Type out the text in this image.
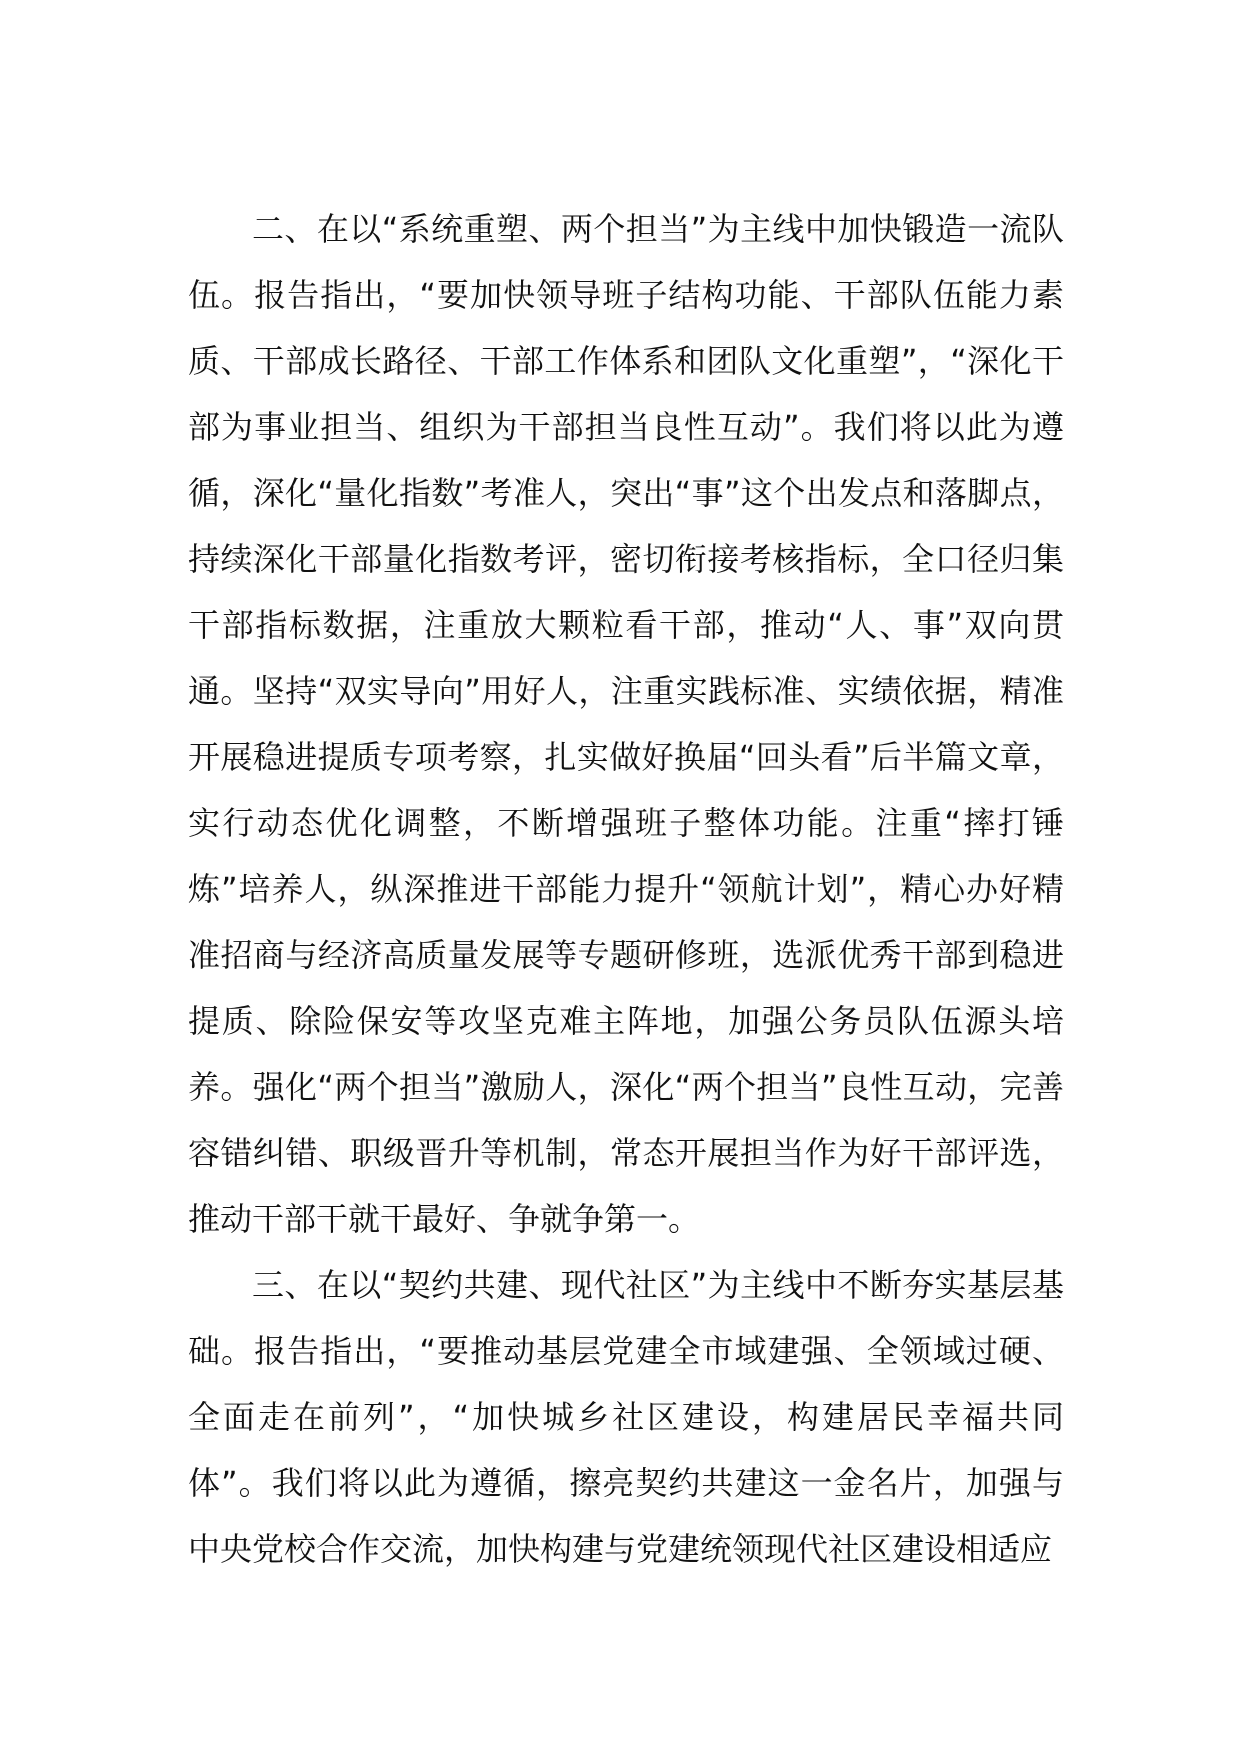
二、在以“系统重塑、两个担当”为主线中加快锻造一流队伍。报告指出，“要加快领导班子结构功能、干部队伍能力素质、干部成长路径、干部工作体系和团队文化重塑”，“深化干部为事业担当、组织为干部担当良性互动”。我们将以此为遵循，深化“量化指数”考准人，突出“事”这个出发点和落脚点，持续深化干部量化指数考评，密切衔接考核指标，全口径归集干部指标数据，注重放大颗粒看干部，推动“人、事”双向贯通。坚持“双实导向”用好人，注重实践标准、实绩依据，精准开展稳进提质专项考察，扎实做好换届“回头看”后半篇文章，实行动态优化调整，不断增强班子整体功能。注重“摔打锤炼”培养人，纵深推进干部能力提升“领航计划”，精心办好精准招商与经济高质量发展等专题研修班，选派优秀干部到稳进提质、除险保安等攻坚克难主阵地，加强公务员队伍源头培养。强化“两个担当”激励人，深化“两个担当”良性互动，完善容错纠错、职级晋升等机制，常态开展担当作为好干部评选，推动干部干就干最好、争就争第一。

三、在以“契约共建、现代社区”为主线中不断夯实基层基础。报告指出，“要推动基层党建全市域建强、全领域过硬、全面走在前列”，“加快城乡社区建设，构建居民幸福共同体”。我们将以此为遵循，擦亮契约共建这一金名片，加强与中央党校合作交流，加快构建与党建统领现代社区建设相适应
